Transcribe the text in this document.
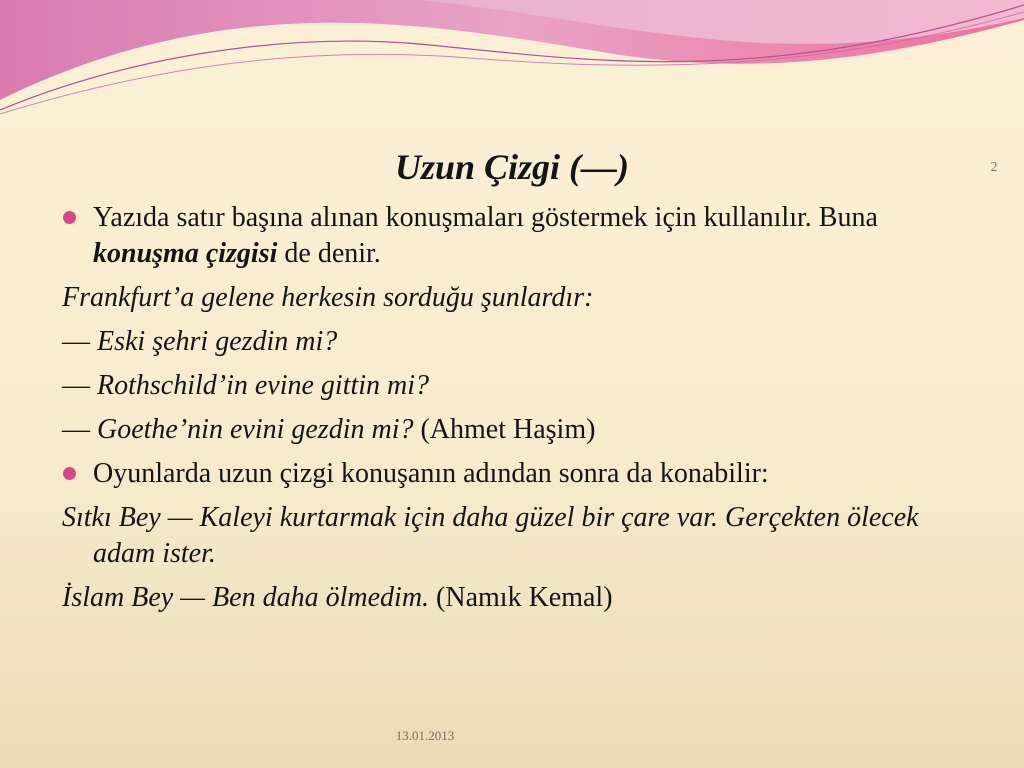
Uzun Çizgi (—)	2

Yazıda satır başına alınan konuşmaları göstermek için kullanılır. Buna konuşma çizgisi de denir.

Frankfurt’a gelene herkesin sorduğu şunlardır:

— Eski şehri gezdin mi?

— Rothschild’in evine gittin mi?

— Goethe’nin evini gezdin mi? (Ahmet Haşim)

Oyunlarda uzun çizgi konuşanın adından sonra da konabilir:

Sıtkı Bey — Kaleyi kurtarmak için daha güzel bir çare var. Gerçekten ölecek adam ister.

İslam Bey — Ben daha ölmedim. (Namık Kemal)

13.01.2013
